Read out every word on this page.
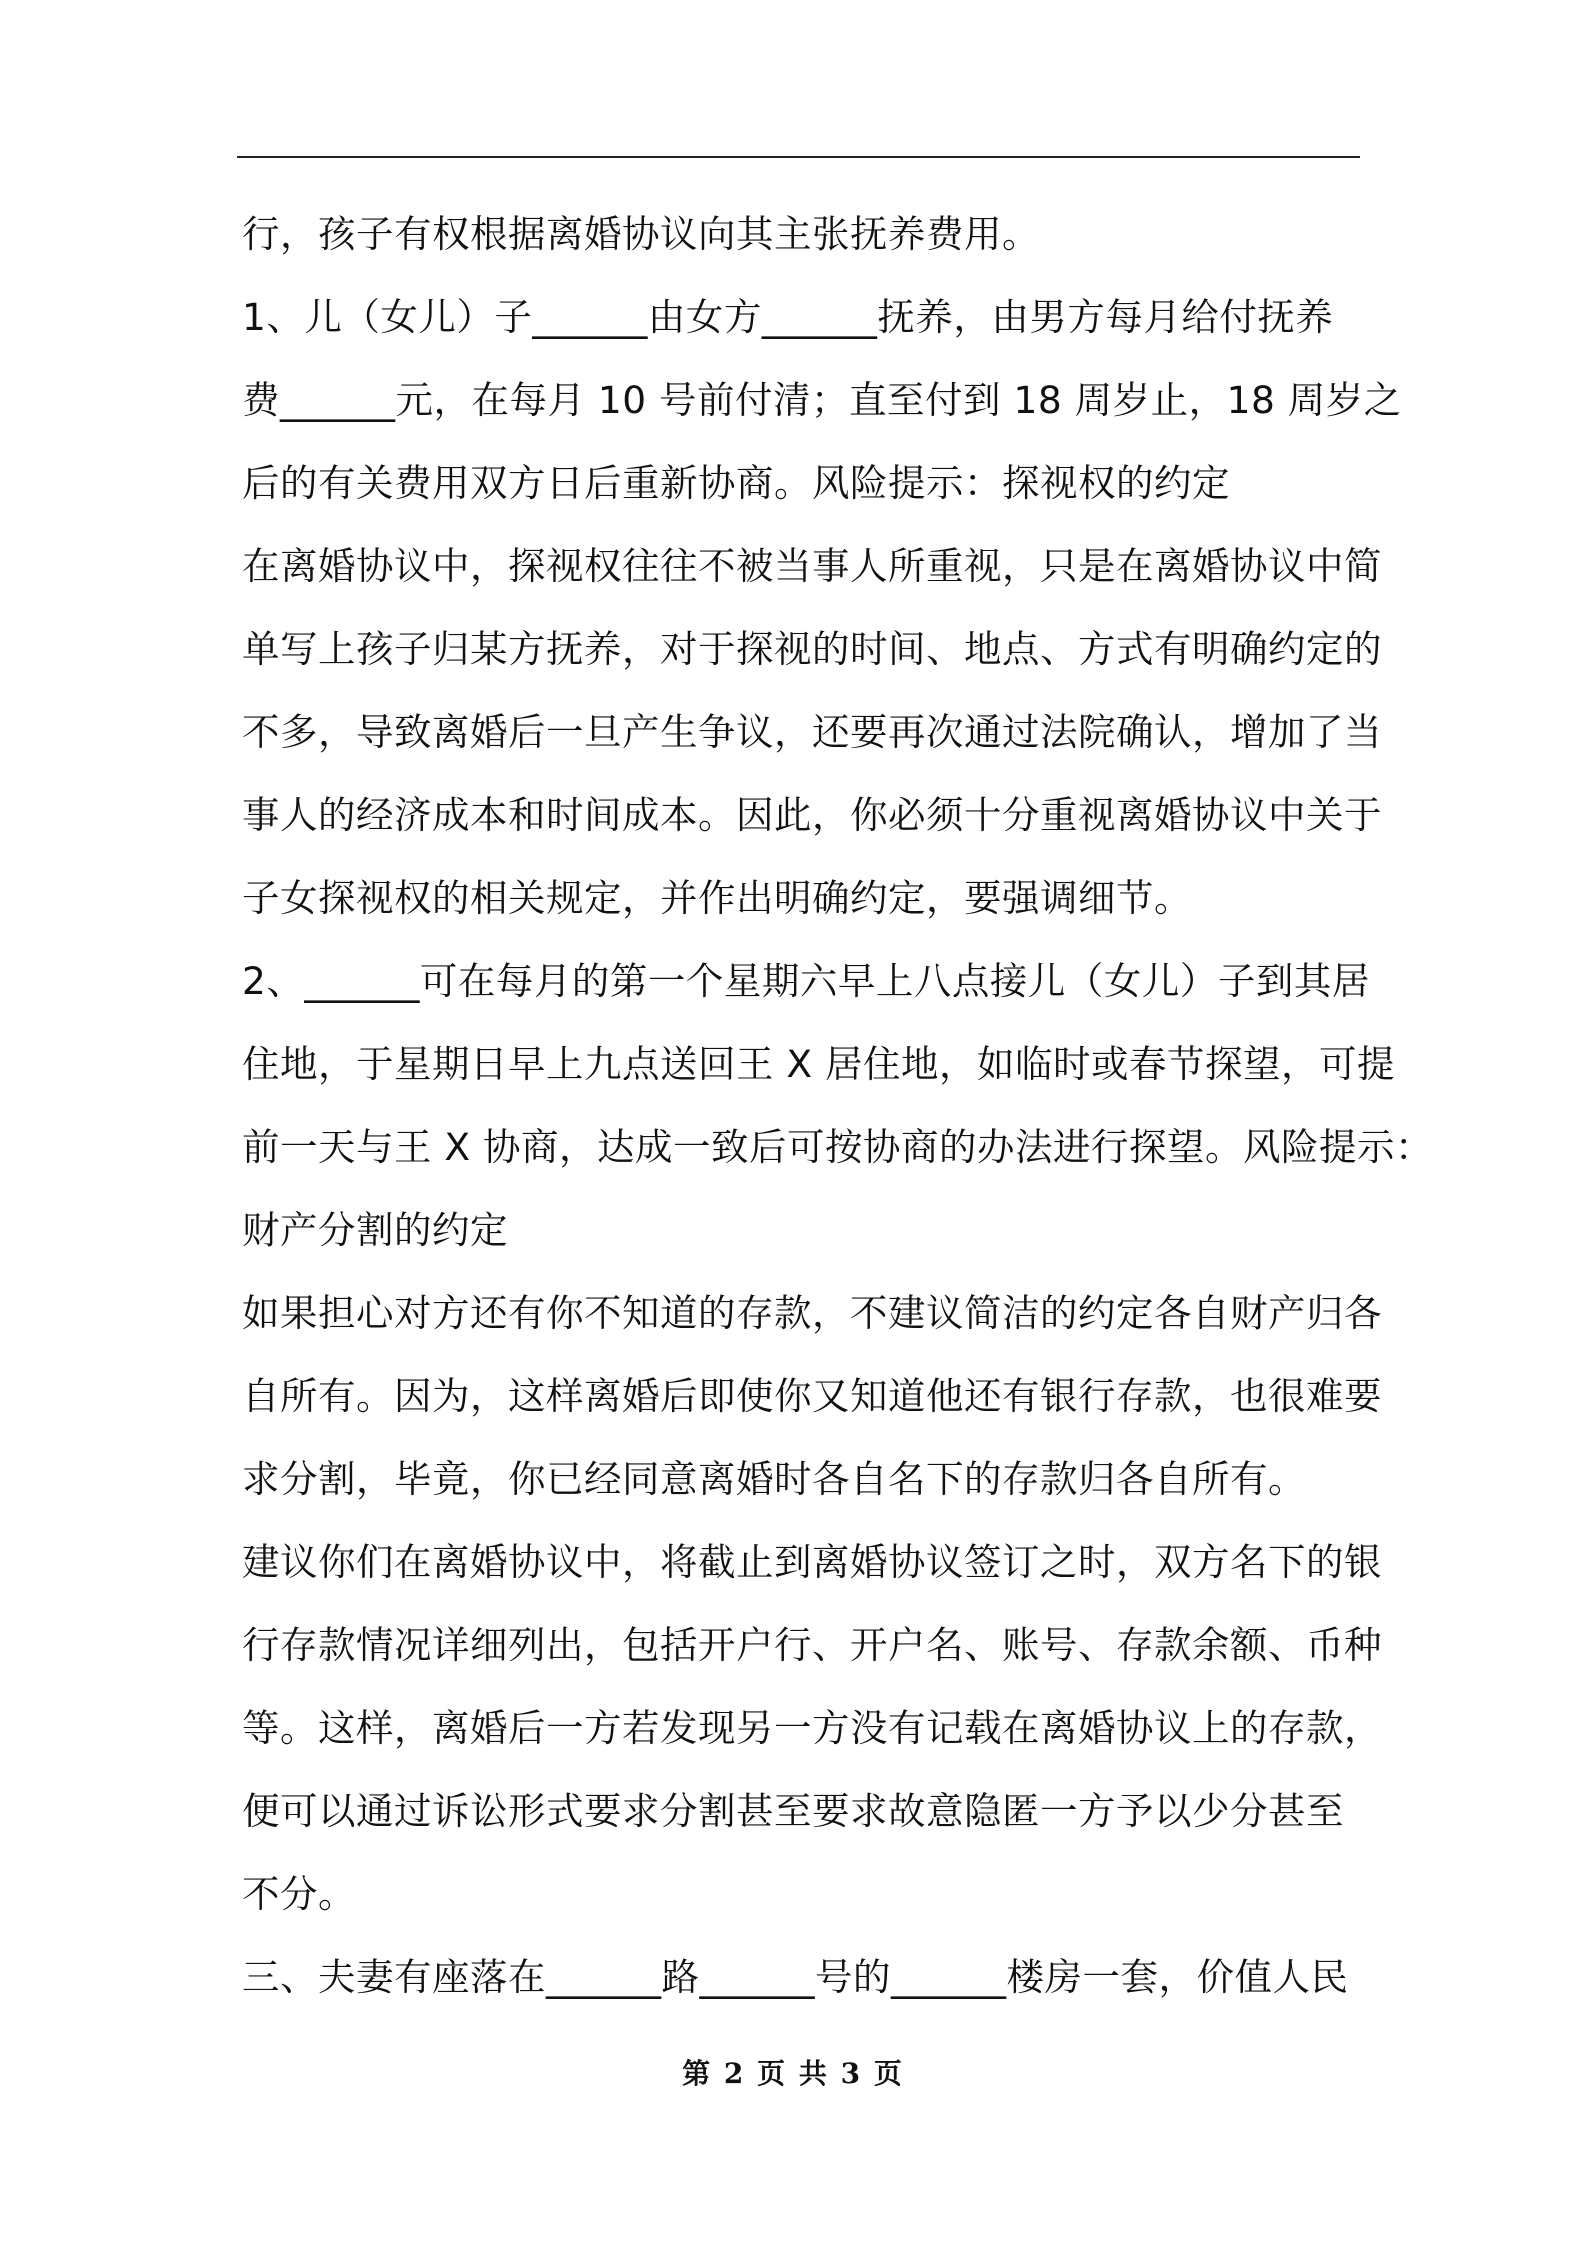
行，孩子有权根据离婚协议向其主张抚养费用。
1、儿（女儿）子______由女方______抚养，由男方每月给付抚养
费______元，在每月 10 号前付清；直至付到 18 周岁止，18 周岁之
后的有关费用双方日后重新协商。风险提示：探视权的约定
在离婚协议中，探视权往往不被当事人所重视，只是在离婚协议中简
单写上孩子归某方抚养，对于探视的时间、地点、方式有明确约定的
不多，导致离婚后一旦产生争议，还要再次通过法院确认，增加了当
事人的经济成本和时间成本。因此，你必须十分重视离婚协议中关于
子女探视权的相关规定，并作出明确约定，要强调细节。
2、______可在每月的第一个星期六早上八点接儿（女儿）子到其居
住地，于星期日早上九点送回王 X 居住地，如临时或春节探望，可提
前一天与王 X 协商，达成一致后可按协商的办法进行探望。风险提示：
财产分割的约定
如果担心对方还有你不知道的存款，不建议简洁的约定各自财产归各
自所有。因为，这样离婚后即使你又知道他还有银行存款，也很难要
求分割，毕竟，你已经同意离婚时各自名下的存款归各自所有。
建议你们在离婚协议中，将截止到离婚协议签订之时，双方名下的银
行存款情况详细列出，包括开户行、开户名、账号、存款余额、币种
等。这样，离婚后一方若发现另一方没有记载在离婚协议上的存款，
便可以通过诉讼形式要求分割甚至要求故意隐匿一方予以少分甚至
不分。
三、夫妻有座落在______路______号的______楼房一套，价值人民
第 2 页 共 3 页
